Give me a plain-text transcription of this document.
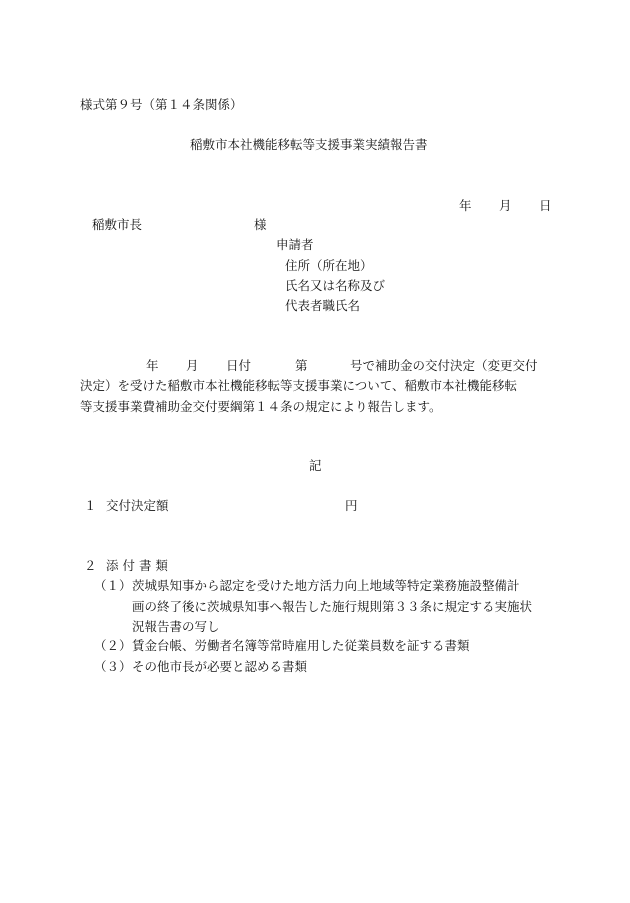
様式第９号（第１４条関係）
稲敷市本社機能移転等支援事業実績報告書
年 月 日
稲敷市長	様
申請者
住所（所在地）
氏名又は名称及び
代表者職氏名
年 月 日付	第	号で補助金の交付決定（変更交付
決定）を受けた稲敷市本社機能移転等支援事業について、稲敷市本社機能移転
等支援事業費補助金交付要綱第１４条の規定により報告します。
記
１ 交付決定額	円
２ 添 付 書 類
（１） 茨城県知事から認定を受けた地方活力向上地域等特定業務施設整備計
画の終了後に茨城県知事へ報告した施行規則第３３条に規定する実施状
況報告書の写し
（２） 賃金台帳、労働者名簿等常時雇用した従業員数を証する書類
（３） その他市長が必要と認める書類
